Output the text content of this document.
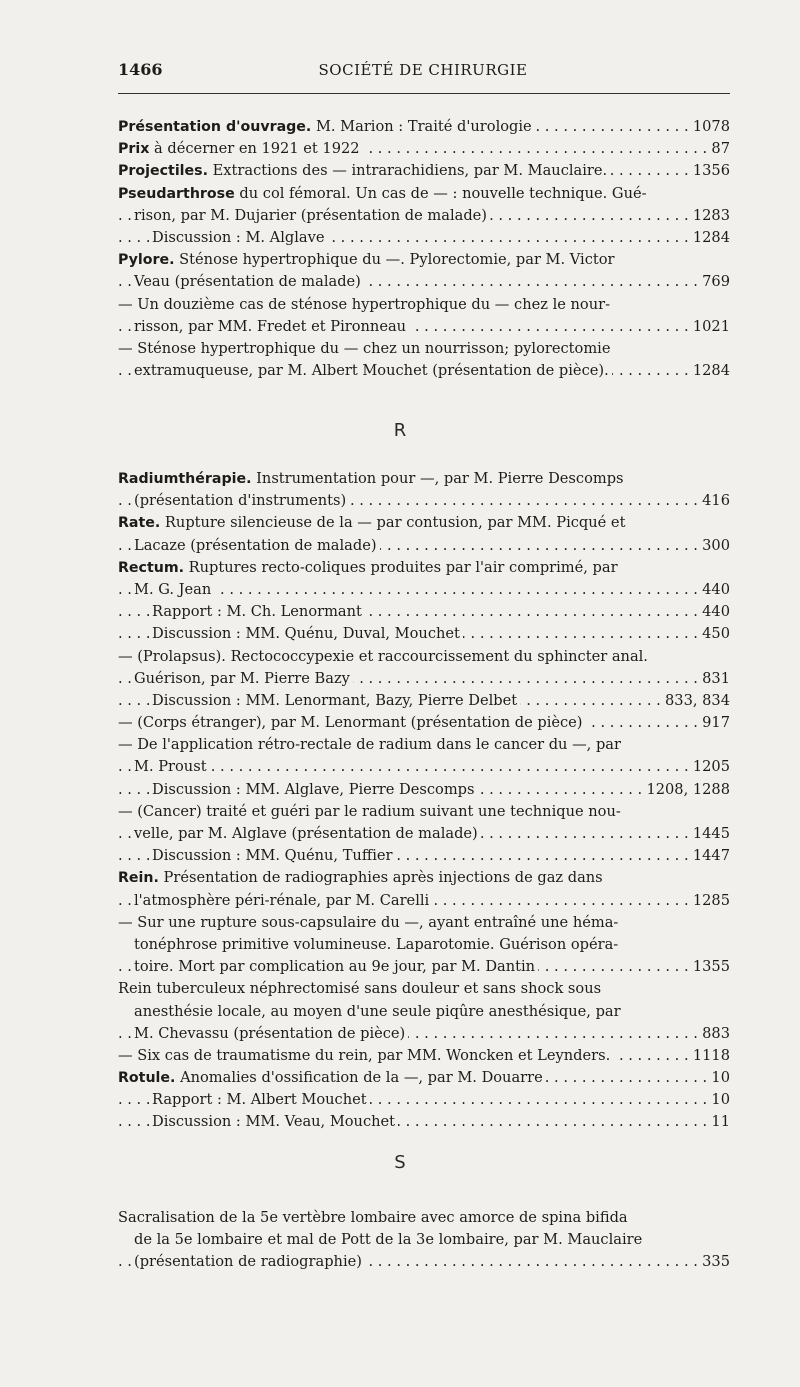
1466	SOCIÉTÉ DE CHIRURGIE
Présentation d'ouvrage. M. Marion : Traité d'urologie	1078
. . .
Prix à décerner en 1921 et 1922	87
. . .
Projectiles. Extractions des — intrarachidiens, par M. Mauclaire.	1356
. . .
Pseudarthrose du col fémoral. Un cas de — : nouvelle technique. Gué-
rison, par M. Dujarier (présentation de malade)	1283
. . .
Discussion : M. Alglave	1284
. . .
Pylore. Sténose hypertrophique du —. Pylorectomie, par M. Victor
Veau (présentation de malade)	769
. . .
— Un douzième cas de sténose hypertrophique du — chez le nour-
risson, par MM. Fredet et Pironneau	1021
. . .
— Sténose hypertrophique du — chez un nourrisson; pylorectomie
extramuqueuse, par M. Albert Mouchet (présentation de pièce).	1284
. . .
R
Radiumthérapie. Instrumentation pour —, par M. Pierre Descomps
(présentation d'instruments)	416
. . .
Rate. Rupture silencieuse de la — par contusion, par MM. Picqué et
Lacaze (présentation de malade)	300
. . .
Rectum. Ruptures recto-coliques produites par l'air comprimé, par
M. G. Jean	440
. . .
Rapport : M. Ch. Lenormant	440
. . .
Discussion : MM. Quénu, Duval, Mouchet	450
. . .
— (Prolapsus). Rectococcypexie et raccourcissement du sphincter anal.
Guérison, par M. Pierre Bazy	831
. . .
Discussion : MM. Lenormant, Bazy, Pierre Delbet	833, 834
. . .
— (Corps étranger), par M. Lenormant (présentation de pièce)	917
. . .
— De l'application rétro-rectale de radium dans le cancer du —, par
M. Proust	1205
. . .
Discussion : MM. Alglave, Pierre Descomps	1208, 1288
. . .
— (Cancer) traité et guéri par le radium suivant une technique nou-
velle, par M. Alglave (présentation de malade)	1445
. . .
Discussion : MM. Quénu, Tuffier	1447
. . .
Rein. Présentation de radiographies après injections de gaz dans
l'atmosphère péri-rénale, par M. Carelli	1285
. . .
— Sur une rupture sous-capsulaire du —, ayant entraîné une héma-
tonéphrose primitive volumineuse. Laparotomie. Guérison opéra-
toire. Mort par complication au 9e jour, par M. Dantin	1355
. . .
Rein tuberculeux néphrectomisé sans douleur et sans shock sous
anesthésie locale, au moyen d'une seule piqûre anesthésique, par
M. Chevassu (présentation de pièce)	883
. . .
— Six cas de traumatisme du rein, par MM. Woncken et Leynders.	1118
. . .
Rotule. Anomalies d'ossification de la —, par M. Douarre	10
. . .
Rapport : M. Albert Mouchet	10
. . .
Discussion : MM. Veau, Mouchet	11
. . .
S
Sacralisation de la 5e vertèbre lombaire avec amorce de spina bifida
de la 5e lombaire et mal de Pott de la 3e lombaire, par M. Mauclaire
(présentation de radiographie)	335
. . .
